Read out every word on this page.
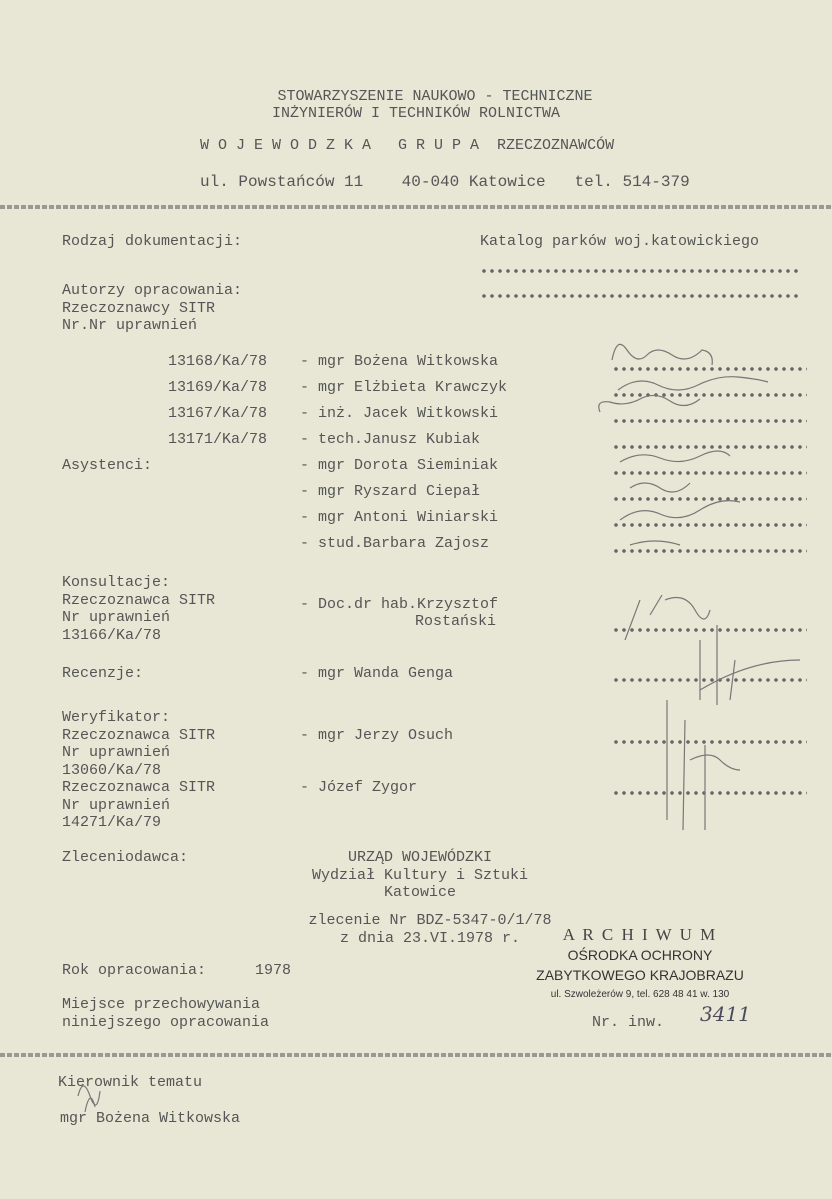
STOWARZYSZENIE NAUKOWO - TECHNICZNE
INŻYNIERÓW I TECHNIKÓW ROLNICTWA
W O J E W O D Z K A   G R U P A  RZECZOZNAWCÓW
ul. Powstańców 11    40-040 Katowice   tel. 514-379
Rodzaj dokumentacji:	Katalog parków woj.katowickiego
Autorzy opracowania:
Rzeczoznawcy SITR
Nr.Nr uprawnień
13168/Ka/78 - mgr Bożena Witkowska
13169/Ka/78 - mgr Elżbieta Krawczyk
13167/Ka/78 - inż. Jacek Witkowski
13171/Ka/78 - tech.Janusz Kubiak
Asystenci:	- mgr Dorota Sieminiak
- mgr Ryszard Ciepał
- mgr Antoni Winiarski
- stud.Barbara Zajosz
Konsultacje:
Rzeczoznawca SITR
Nr uprawnień
13166/Ka/78
- Doc.dr hab.Krzysztof
Rostański
Recenzje:	- mgr Wanda Genga
Weryfikator:
Rzeczoznawca SITR
Nr uprawnień
13060/Ka/78
- mgr Jerzy Osuch
Rzeczoznawca SITR
Nr uprawnień
14271/Ka/79
- Józef Zygor
Zleceniodawca:	URZĄD WOJEWÓDZKI
Wydział Kultury i Sztuki
Katowice
zlecenie Nr BDZ-5347-0/1/78
z dnia 23.VI.1978 r.	A R C H I W U M
OŚRODKA OCHRONY
ZABYTKOWEGO KRAJOBRAZU
ul. Szwoleżerów 9, tel. 628 48 41 w. 130
Rok opracowania:	1978
Miejsce przechowywania
niniejszego opracowania	Nr. inw. 3411
Kierownik tematu
mgr Bożena Witkowska
